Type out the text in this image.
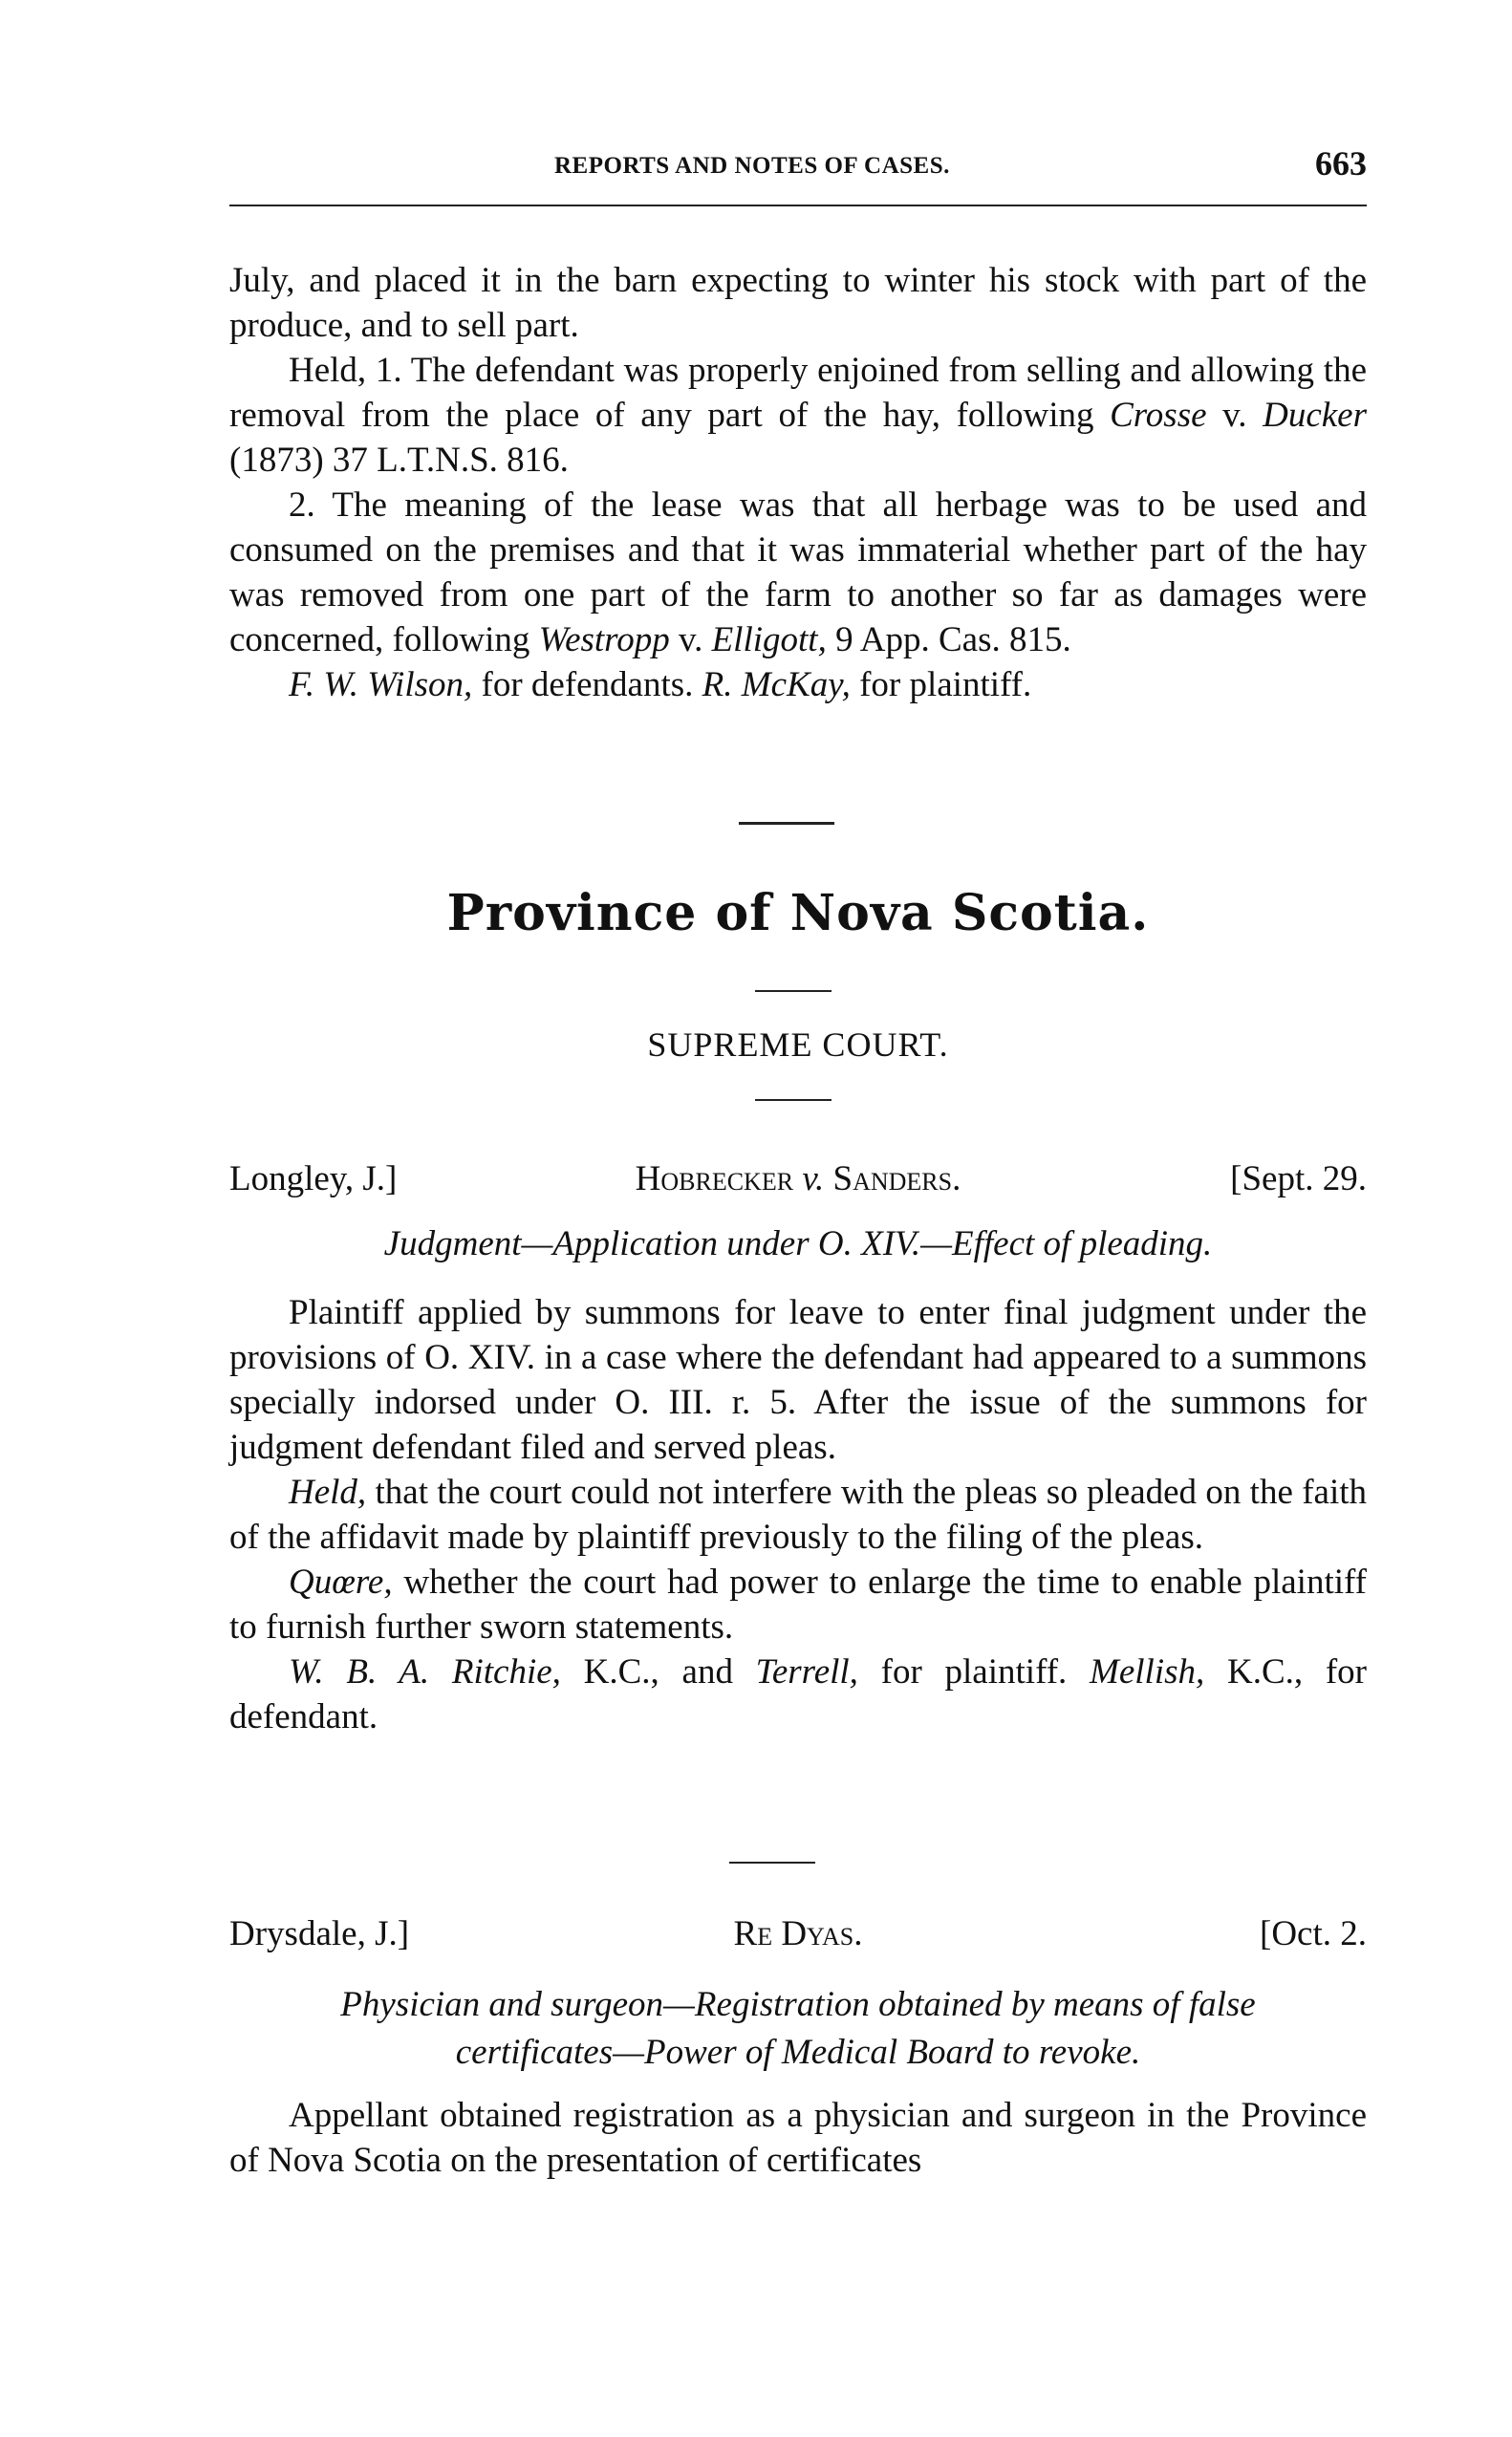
REPORTS AND NOTES OF CASES.	663

July, and placed it in the barn expecting to winter his stock with part of the produce, and to sell part.

Held, 1. The defendant was properly enjoined from selling and allowing the removal from the place of any part of the hay, following Crosse v. Ducker (1873) 37 L.T.N.S. 816.

2. The meaning of the lease was that all herbage was to be used and consumed on the premises and that it was immaterial whether part of the hay was removed from one part of the farm to another so far as damages were concerned, following Westropp v. Elligott, 9 App. Cas. 815.

F. W. Wilson, for defendants. R. McKay, for plaintiff.

Province of Nova Scotia.
SUPREME COURT.
Longley, J.]	Hobrecker v. Sanders.	[Sept. 29.
Judgment—Application under O. XIV.—Effect of pleading.

Plaintiff applied by summons for leave to enter final judgment under the provisions of O. XIV. in a case where the defendant had appeared to a summons specially indorsed under O. III. r. 5. After the issue of the summons for judgment defendant filed and served pleas.

Held, that the court could not interfere with the pleas so pleaded on the faith of the affidavit made by plaintiff previously to the filing of the pleas.

Quœre, whether the court had power to enlarge the time to enable plaintiff to furnish further sworn statements.

W. B. A. Ritchie, K.C., and Terrell, for plaintiff. Mellish, K.C., for defendant.

Drysdale, J.]	Re Dyas.	[Oct. 2.
Physician and surgeon—Registration obtained by means of false
certificates—Power of Medical Board to revoke.

Appellant obtained registration as a physician and surgeon in the Province of Nova Scotia on the presentation of certificates
